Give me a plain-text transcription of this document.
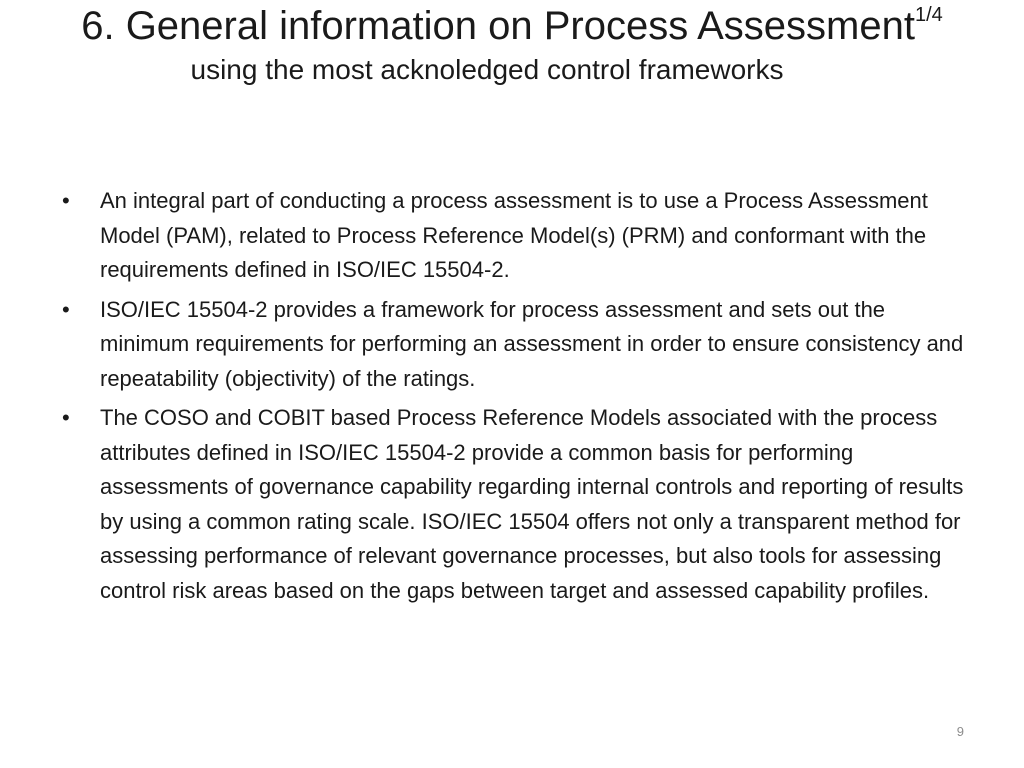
6. General information on Process Assessment$^{1/4}$
using the most acknoledged control frameworks
• An integral part of conducting a process assessment is to use a Process Assessment Model (PAM), related to Process Reference Model(s) (PRM) and conformant with the requirements defined in ISO/IEC 15504-2.
• ISO/IEC 15504-2 provides a framework for process assessment and sets out the minimum requirements for performing an assessment in order to ensure consistency and repeatability (objectivity) of the ratings.
• The COSO and COBIT based Process Reference Models associated with the process attributes defined in ISO/IEC 15504-2 provide a common basis for performing assessments of governance capability regarding internal controls and reporting of results by using a common rating scale. ISO/IEC 15504 offers not only a transparent method for assessing performance of relevant governance processes, but also tools for assessing control risk areas based on the gaps between target and assessed capability profiles.
9
